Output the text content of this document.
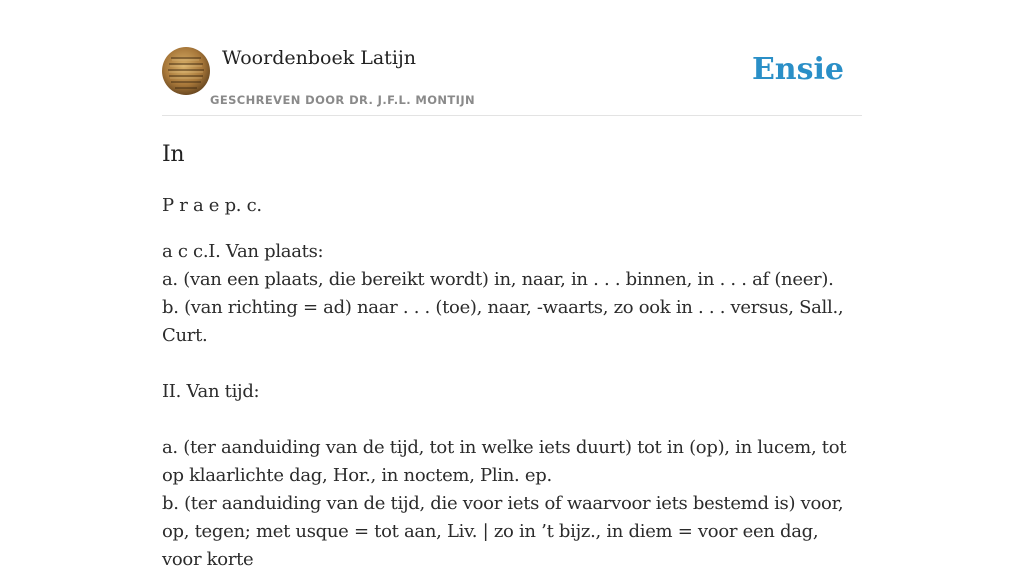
Woordenboek Latijn
GESCHREVEN DOOR DR. J.F.L. MONTIJN
Ensie
In

P r a e p. c.

a c c.I. Van plaats:

a. (van een plaats, die bereikt wordt) in, naar, in . . . binnen, in . . . af (neer).

b. (van richting = ad) naar . . . (toe), naar, -waarts, zo ook in . . . versus, Sall., Curt.

II. Van tijd:

a. (ter aanduiding van de tijd, tot in welke iets duurt) tot in (op), in lucem, tot op klaarlichte dag, Hor., in noctem, Plin. ep.

b. (ter aanduiding van de tijd, die voor iets of waarvoor iets bestemd is) voor, op, tegen; met usque = tot aan, Liv. | zo in ’t bijz., in diem = voor een dag, voor korte
